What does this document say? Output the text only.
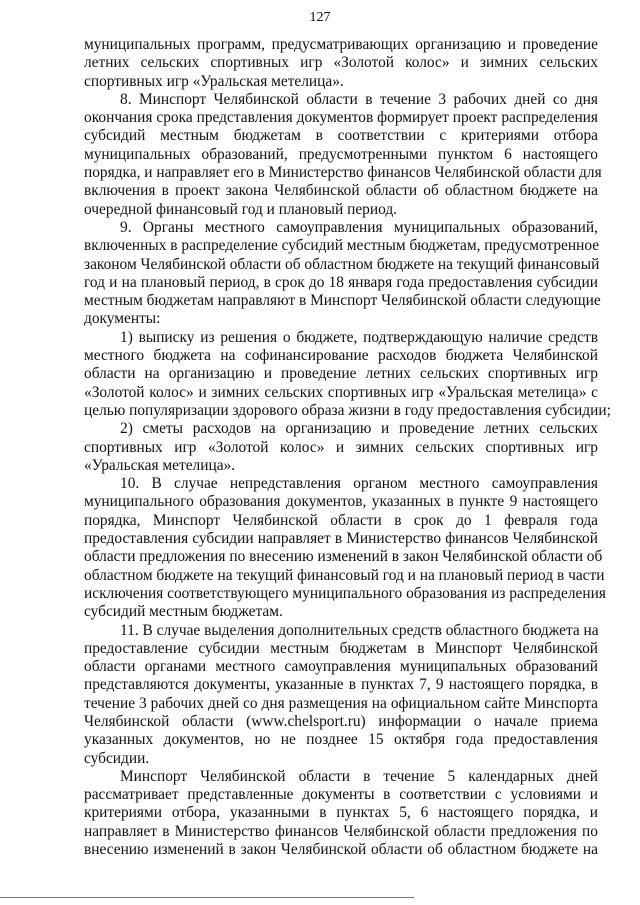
127
муниципальных программ, предусматривающих организацию и проведение
летних сельских спортивных игр «Золотой колос» и зимних сельских
спортивных игр «Уральская метелица».
8. Минспорт Челябинской области в течение 3 рабочих дней со дня
окончания срока представления документов формирует проект распределения
субсидий местным бюджетам в соответствии с критериями отбора
муниципальных образований, предусмотренными пунктом 6 настоящего
порядка, и направляет его в Министерство финансов Челябинской области для
включения в проект закона Челябинской области об областном бюджете на
очередной финансовый год и плановый период.
9. Органы местного самоуправления муниципальных образований,
включенных в распределение субсидий местным бюджетам, предусмотренное
законом Челябинской области об областном бюджете на текущий финансовый
год и на плановый период, в срок до 18 января года предоставления субсидии
местным бюджетам направляют в Минспорт Челябинской области следующие
документы:
1) выписку из решения о бюджете, подтверждающую наличие средств
местного бюджета на софинансирование расходов бюджета Челябинской
области на организацию и проведение летних сельских спортивных игр
«Золотой колос» и зимних сельских спортивных игр «Уральская метелица» с
целью популяризации здорового образа жизни в году предоставления субсидии;
2) сметы расходов на организацию и проведение летних сельских
спортивных игр «Золотой колос» и зимних сельских спортивных игр
«Уральская метелица».
10. В случае непредставления органом местного самоуправления
муниципального образования документов, указанных в пункте 9 настоящего
порядка, Минспорт Челябинской области в срок до 1 февраля года
предоставления субсидии направляет в Министерство финансов Челябинской
области предложения по внесению изменений в закон Челябинской области об
областном бюджете на текущий финансовый год и на плановый период в части
исключения соответствующего муниципального образования из распределения
субсидий местным бюджетам.
11. В случае выделения дополнительных средств областного бюджета на
предоставление субсидии местным бюджетам в Минспорт Челябинской
области органами местного самоуправления муниципальных образований
представляются документы, указанные в пунктах 7, 9 настоящего порядка, в
течение 3 рабочих дней со дня размещения на официальном сайте Минспорта
Челябинской области (www.chelsport.ru) информации о начале приема
указанных документов, но не позднее 15 октября года предоставления
субсидии.
Минспорт Челябинской области в течение 5 календарных дней
рассматривает представленные документы в соответствии с условиями и
критериями отбора, указанными в пунктах 5, 6 настоящего порядка, и
направляет в Министерство финансов Челябинской области предложения по
внесению изменений в закон Челябинской области об областном бюджете на
